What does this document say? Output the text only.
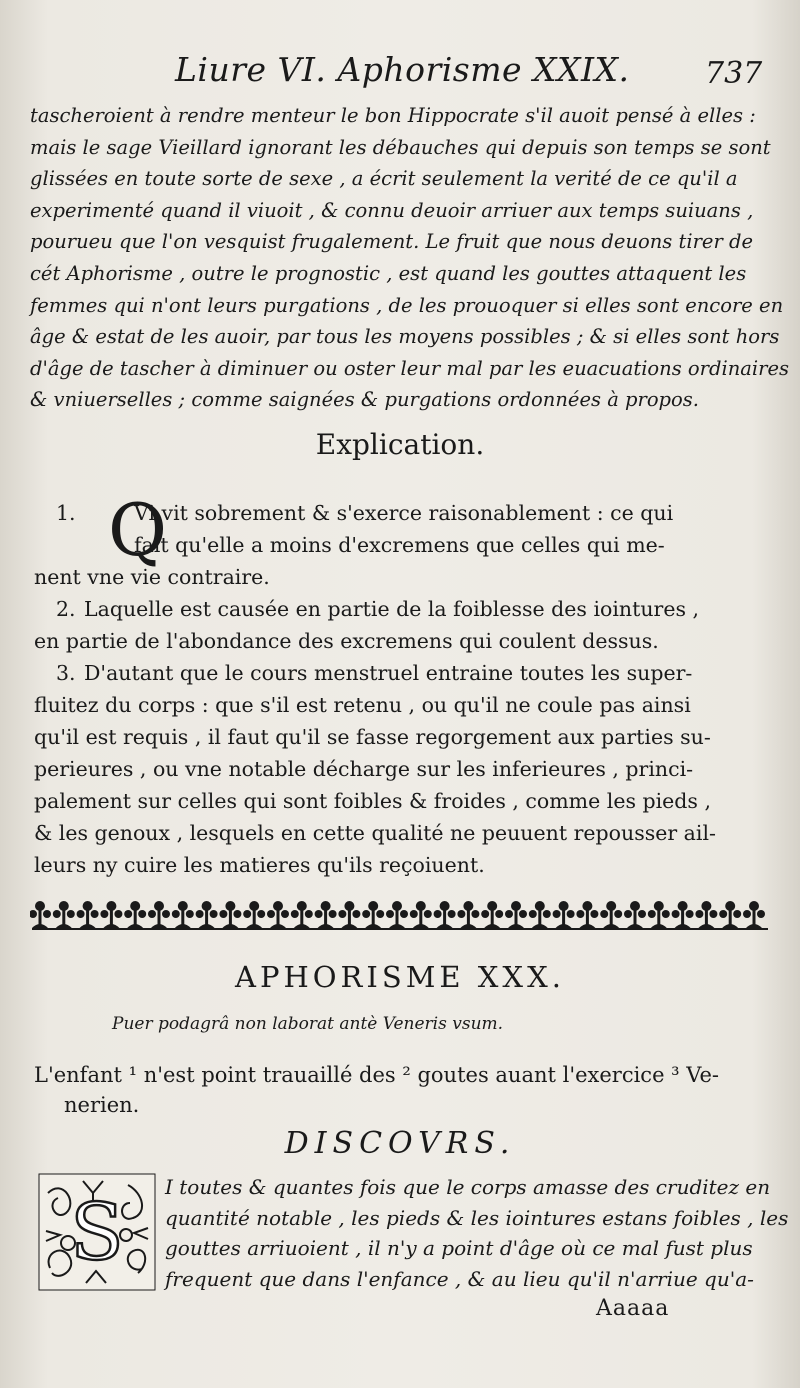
Liure VI. Aphorisme XXIX.	737
tascheroient à rendre menteur le bon Hippocrate s'il auoit pensé à elles :
mais le sage Vieillard ignorant les débauches qui depuis son temps se sont
glissées en toute sorte de sexe , a écrit seulement la verité de ce qu'il a
experimenté quand il viuoit , & connu deuoir arriuer aux temps suiuans ,
pourueu que l'on vesquist frugalement. Le fruit que nous deuons tirer de
cét Aphorisme , outre le prognostic , est quand les gouttes attaquent les
femmes qui n'ont leurs purgations , de les prouoquer si elles sont encore en
âge & estat de les auoir, par tous les moyens possibles ; & si elles sont hors
d'âge de tascher à diminuer ou oster leur mal par les euacuations ordinaires
& vniuerselles ; comme saignées & purgations ordonnées à propos.
Explication.
Q
1.	Vi vit sobrement & s'exerce raisonablement : ce qui
fait qu'elle a moins d'excremens que celles qui me-
nent vne vie contraire.
2. Laquelle est causée en partie de la foiblesse des iointures ,
en partie de l'abondance des excremens qui coulent dessus.
3. D'autant que le cours menstruel entraine toutes les super-
fluitez du corps : que s'il est retenu , ou qu'il ne coule pas ainsi
qu'il est requis , il faut qu'il se fasse regorgement aux parties su-
perieures , ou vne notable décharge sur les inferieures , princi-
palement sur celles qui sont foibles & froides , comme les pieds ,
& les genoux , lesquels en cette qualité ne peuuent repousser ail-
leurs ny cuire les matieres qu'ils reçoiuent.
APHORISME XXX.
Puer podagrâ non laborat antè Veneris vsum.
L'enfant ¹ n'est point trauaillé des ² goutes auant l'exercice ³ Ve-
nerien.
DISCOVRS.
S
I toutes & quantes fois que le corps amasse des cruditez en
quantité notable , les pieds & les iointures estans foibles , les
gouttes arriuoient , il n'y a point d'âge où ce mal fust plus
frequent que dans l'enfance , & au lieu qu'il n'arriue qu'a-
Aaaaa
